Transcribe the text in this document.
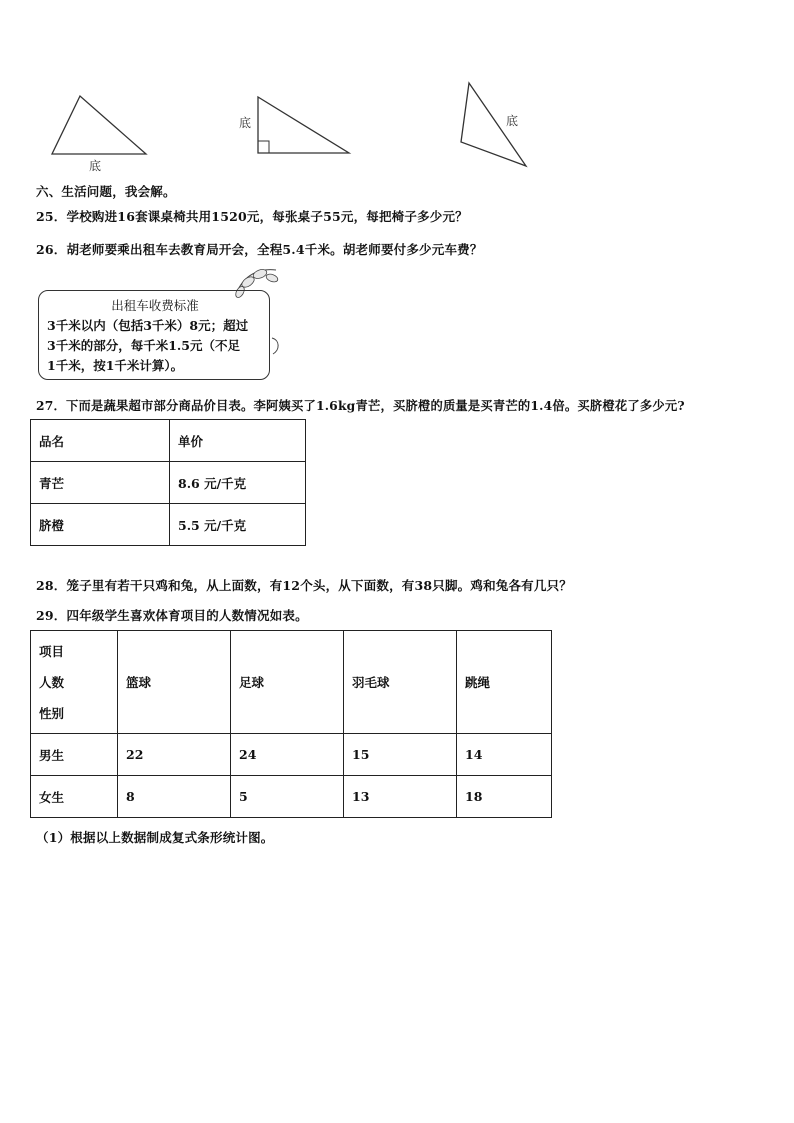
底
底	底
六、生活问题，我会解。
25．学校购进16套课桌椅共用1520元，每张桌子55元，每把椅子多少元？
26．胡老师要乘出租车去教育局开会，全程5.4千米。胡老师要付多少元车费？
出租车收费标准
3千米以内（包括3千米）8元；超过
3千米的部分，每千米1.5元（不足
1千米，按1千米计算）。
27．下而是蔬果超市部分商品价目表。李阿姨买了1.6kg青芒，买脐橙的质量是买青芒的1.4倍。买脐橙花了多少元?
品名	单价
青芒	8.6 元/千克
脐橙	5.5 元/千克
28．笼子里有若干只鸡和兔，从上面数，有12个头，从下面数，有38只脚。鸡和兔各有几只？
29．四年级学生喜欢体育项目的人数情况如表。
项目
人数
性别	篮球	足球	羽毛球	跳绳
男生	22	24	15	14
女生	8	5	13	18
（1）根据以上数据制成复式条形统计图。
